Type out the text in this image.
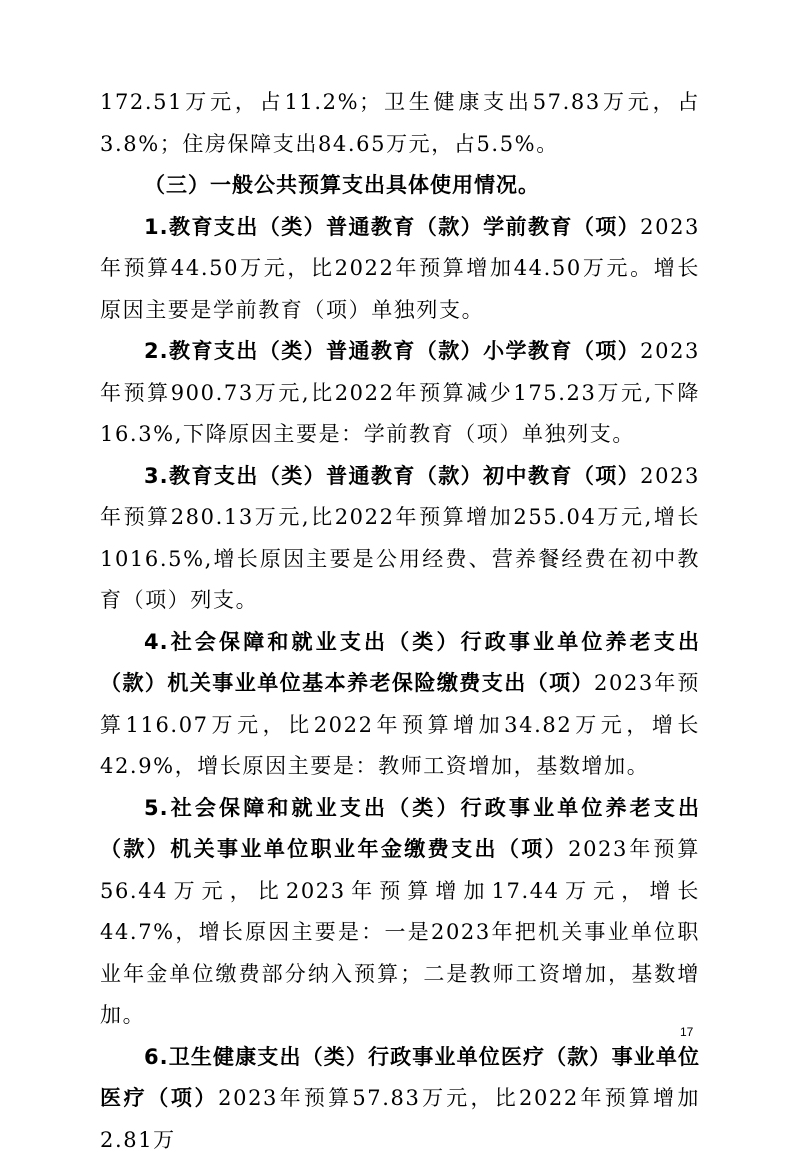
172.51万元，占11.2%；卫生健康支出57.83万元，占3.8%；住房保障支出84.65万元，占5.5%。

（三）一般公共预算支出具体使用情况。

1.教育支出（类）普通教育（款）学前教育（项）2023年预算44.50万元，比2022年预算增加44.50万元。增长原因主要是学前教育（项）单独列支。

2.教育支出（类）普通教育（款）小学教育（项）2023年预算900.73万元,比2022年预算减少175.23万元,下降16.3%,下降原因主要是：学前教育（项）单独列支。

3.教育支出（类）普通教育（款）初中教育（项）2023年预算280.13万元,比2022年预算增加255.04万元,增长1016.5%,增长原因主要是公用经费、营养餐经费在初中教育（项）列支。

4.社会保障和就业支出（类）行政事业单位养老支出（款）机关事业单位基本养老保险缴费支出（项）2023年预算116.07万元，比2022年预算增加34.82万元，增长42.9%，增长原因主要是：教师工资增加，基数增加。

5.社会保障和就业支出（类）行政事业单位养老支出（款）机关事业单位职业年金缴费支出（项）2023年预算56.44万元，比2023年预算增加17.44万元，增长44.7%，增长原因主要是：一是2023年把机关事业单位职业年金单位缴费部分纳入预算；二是教师工资增加，基数增加。

6.卫生健康支出（类）行政事业单位医疗（款）事业单位医疗（项）2023年预算57.83万元，比2022年预算增加2.81万

17
